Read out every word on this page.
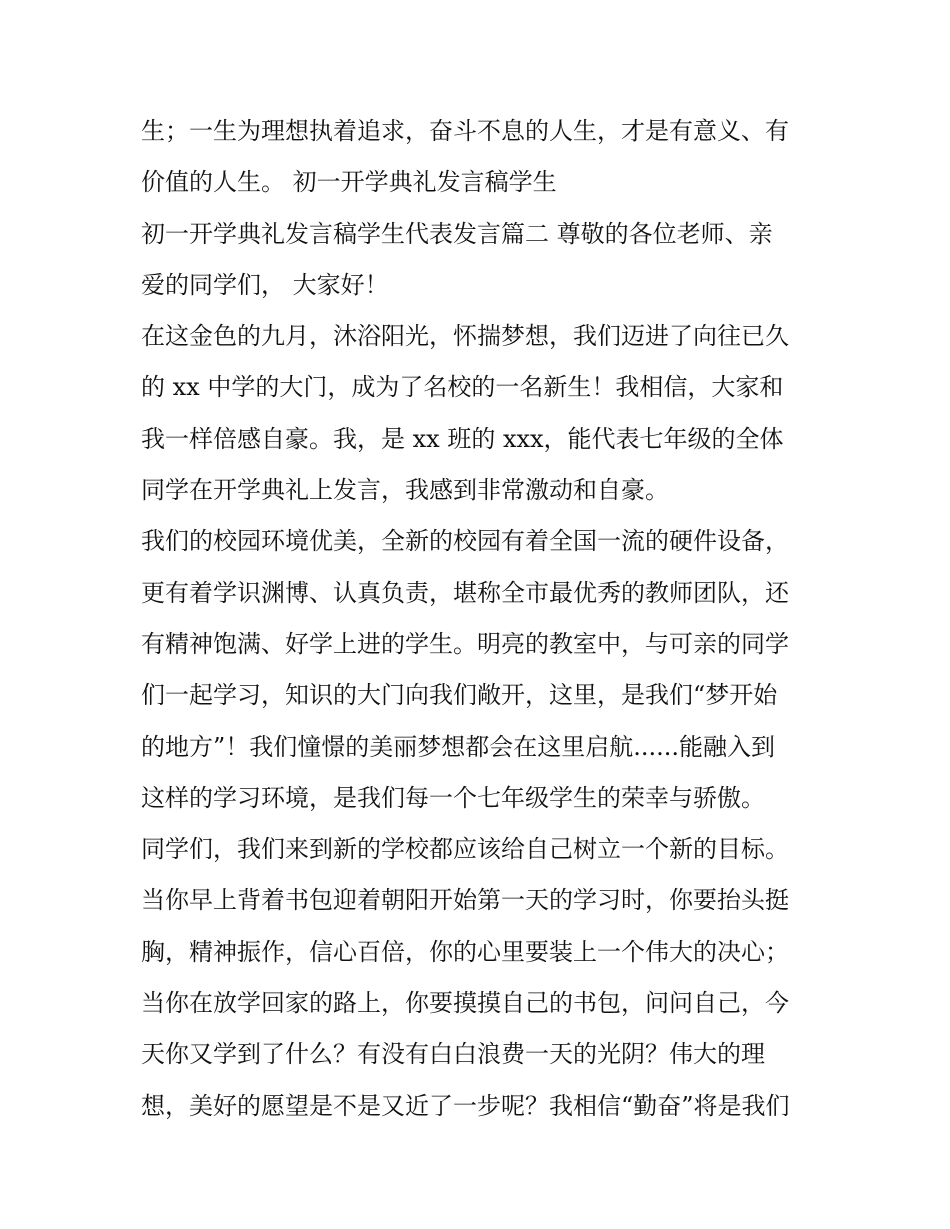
生；一生为理想执着追求，奋斗不息的人生，才是有意义、有
价值的人生。 初一开学典礼发言稿学生
初一开学典礼发言稿学生代表发言篇二 尊敬的各位老师、亲
爱的同学们， 大家好！
在这金色的九月，沐浴阳光，怀揣梦想，我们迈进了向往已久
的 xx 中学的大门，成为了名校的一名新生！我相信，大家和
我一样倍感自豪。我，是 xx 班的 xxx，能代表七年级的全体
同学在开学典礼上发言，我感到非常激动和自豪。
我们的校园环境优美，全新的校园有着全国一流的硬件设备，
更有着学识渊博、认真负责，堪称全市最优秀的教师团队，还
有精神饱满、好学上进的学生。明亮的教室中，与可亲的同学
们一起学习，知识的大门向我们敞开，这里，是我们“梦开始
的地方”！我们憧憬的美丽梦想都会在这里启航......能融入到
这样的学习环境，是我们每一个七年级学生的荣幸与骄傲。
同学们，我们来到新的学校都应该给自己树立一个新的目标。
当你早上背着书包迎着朝阳开始第一天的学习时，你要抬头挺
胸，精神振作，信心百倍，你的心里要装上一个伟大的决心；
当你在放学回家的路上，你要摸摸自己的书包，问问自己，今
天你又学到了什么？有没有白白浪费一天的光阴？伟大的理
想，美好的愿望是不是又近了一步呢？我相信“勤奋”将是我们
